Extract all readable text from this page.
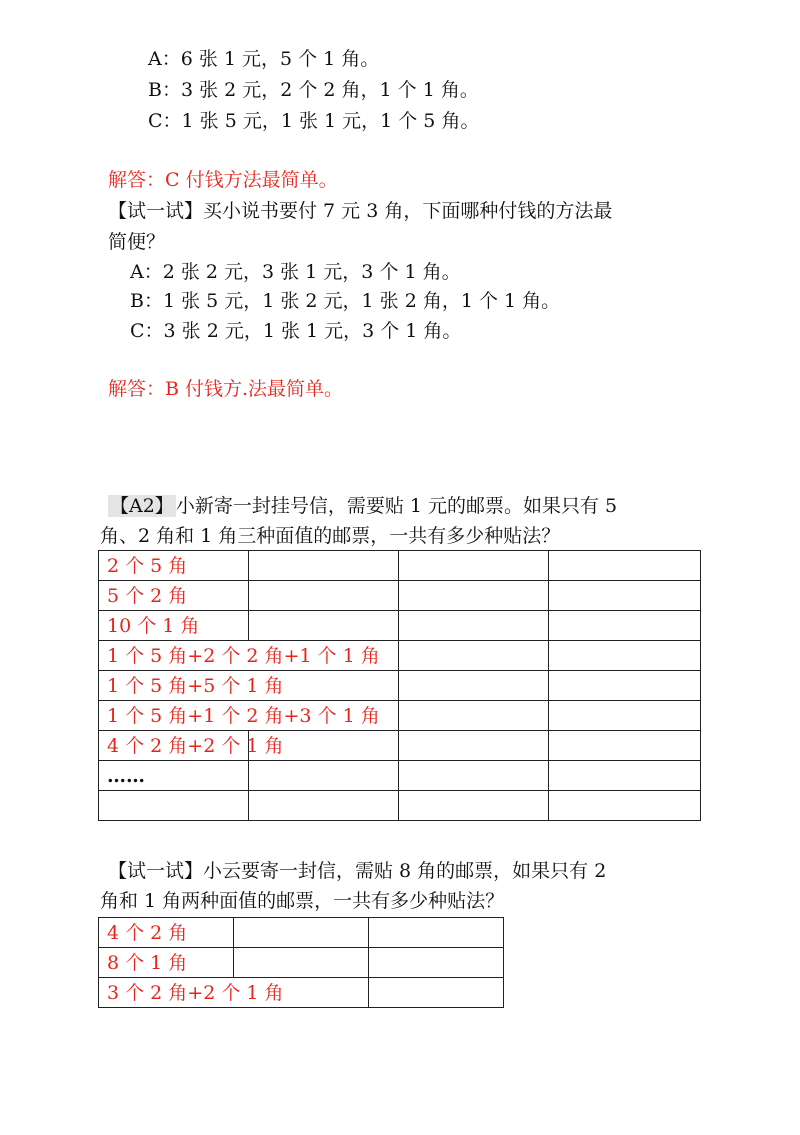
A：6 张 1 元，5 个 1 角。
B：3 张 2 元，2 个 2 角，1 个 1 角。
C：1 张 5 元，1 张 1 元，1 个 5 角。
解答：C 付钱方法最简单。
【试一试】买小说书要付 7 元 3 角，下面哪种付钱的方法最
简便？
A：2 张 2 元，3 张 1 元，3 个 1 角。
B：1 张 5 元，1 张 2 元，1 张 2 角，1 个 1 角。
C：3 张 2 元，1 张 1 元，3 个 1 角。
解答：B 付钱方.法最简单。
【A2】 小新寄一封挂号信，需要贴 1 元的邮票。如果只有 5
角、2 角和 1 角三种面值的邮票，一共有多少种贴法？
2 个 5 角			
5 个 2 角			
10 个 1 角			
1 个 5 角+2 个 2 角+1 个 1 角			
1 个 5 角+5 个 1 角			
1 个 5 角+1 个 2 角+3 个 1 角			
4 个 2 角+2 个 1 角			
……			

【试一试】小云要寄一封信，需贴 8 角的邮票，如果只有 2
角和 1 角两种面值的邮票，一共有多少种贴法？
4 个 2 角		
8 个 1 角		
3 个 2 角+2 个 1 角		
